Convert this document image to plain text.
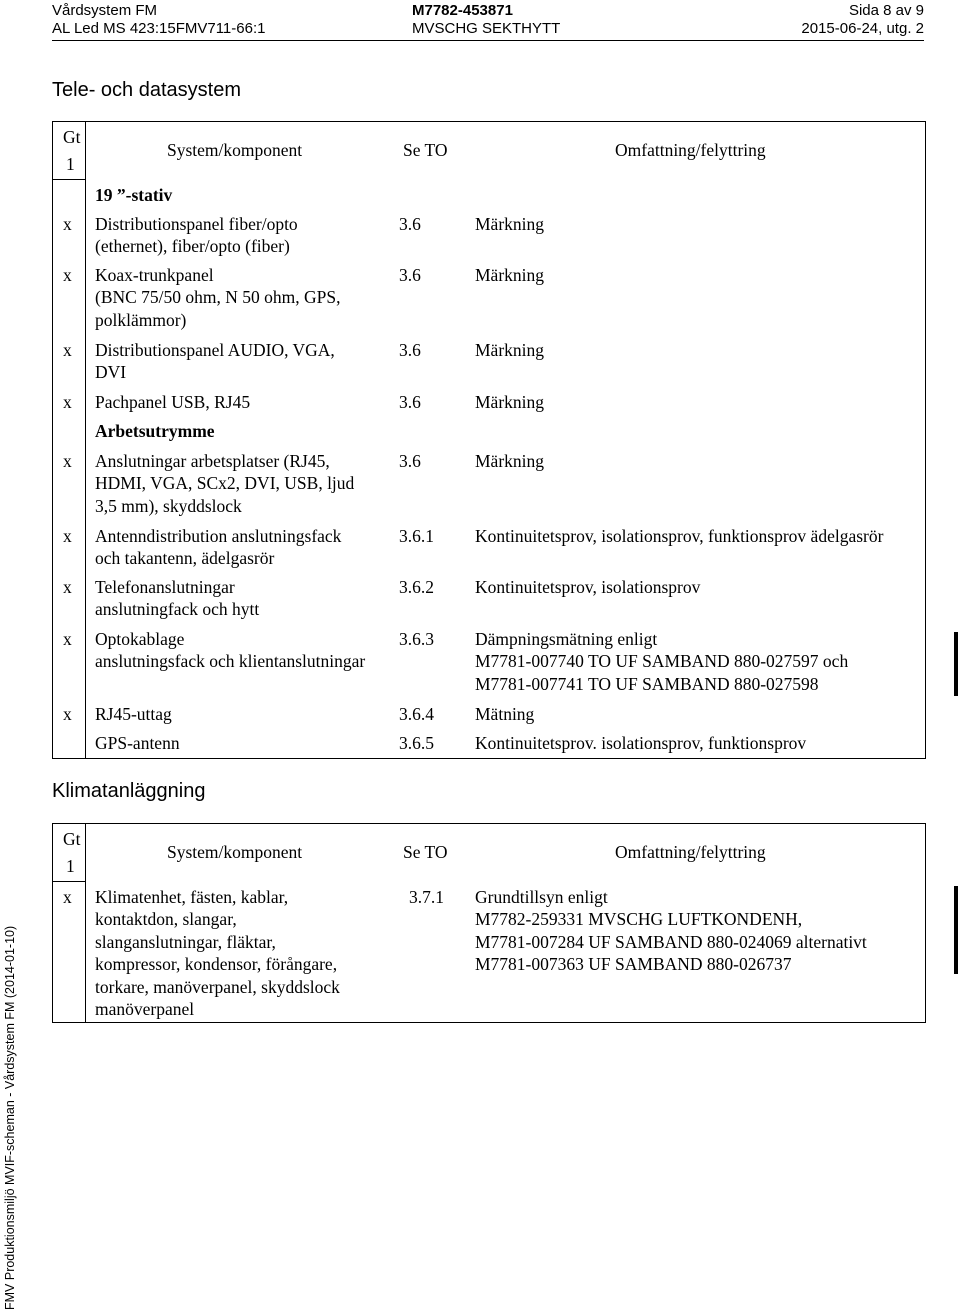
Vårdsystem FM
AL Led MS 423:15FMV711-66:1
M7782-453871
MVSCHG SEKTHYTT
Sida 8 av 9
2015-06-24, utg. 2
Tele- och datasystem
Gt
1
System/komponent	Se TO	Omfattning/felyttring
19 ”-stativ
x Distributionspanel fiber/opto
(ethernet), fiber/opto (fiber)
3.6	Märkning
x Koax-trunkpanel
(BNC 75/50 ohm, N 50 ohm, GPS,
polklämmor)
3.6	Märkning
x Distributionspanel AUDIO, VGA,
DVI
3.6	Märkning
x Pachpanel USB, RJ45	3.6	Märkning
Arbetsutrymme
x Anslutningar arbetsplatser (RJ45,
HDMI, VGA, SCx2, DVI, USB, ljud
3,5 mm), skyddslock
3.6	Märkning
x Antenndistribution anslutningsfack
och takantenn, ädelgasrör
3.6.1 Kontinuitetsprov, isolationsprov, funktionsprov ädelgasrör
x Telefonanslutningar
anslutningfack och hytt
3.6.2 Kontinuitetsprov, isolationsprov
x Optokablage
anslutningsfack och klientanslutningar
3.6.3 Dämpningsmätning enligt
M7781-007740 TO UF SAMBAND 880-027597 och
M7781-007741 TO UF SAMBAND 880-027598
x RJ45-uttag	3.6.4 Mätning
GPS-antenn	3.6.5 Kontinuitetsprov. isolationsprov, funktionsprov
Klimatanläggning
Gt
1
System/komponent	Se TO	Omfattning/felyttring
x Klimatenhet, fästen, kablar,
kontaktdon, slangar,
slanganslutningar, fläktar,
kompressor, kondensor, förångare,
torkare, manöverpanel, skyddslock
manöverpanel
3.7.1 Grundtillsyn enligt
M7782-259331 MVSCHG LUFTKONDENH,
M7781-007284 UF SAMBAND 880-024069 alternativt
M7781-007363 UF SAMBAND 880-026737
FMV Produktionsmiljö MVIF-scheman - Vårdsystem FM (2014-01-10)
